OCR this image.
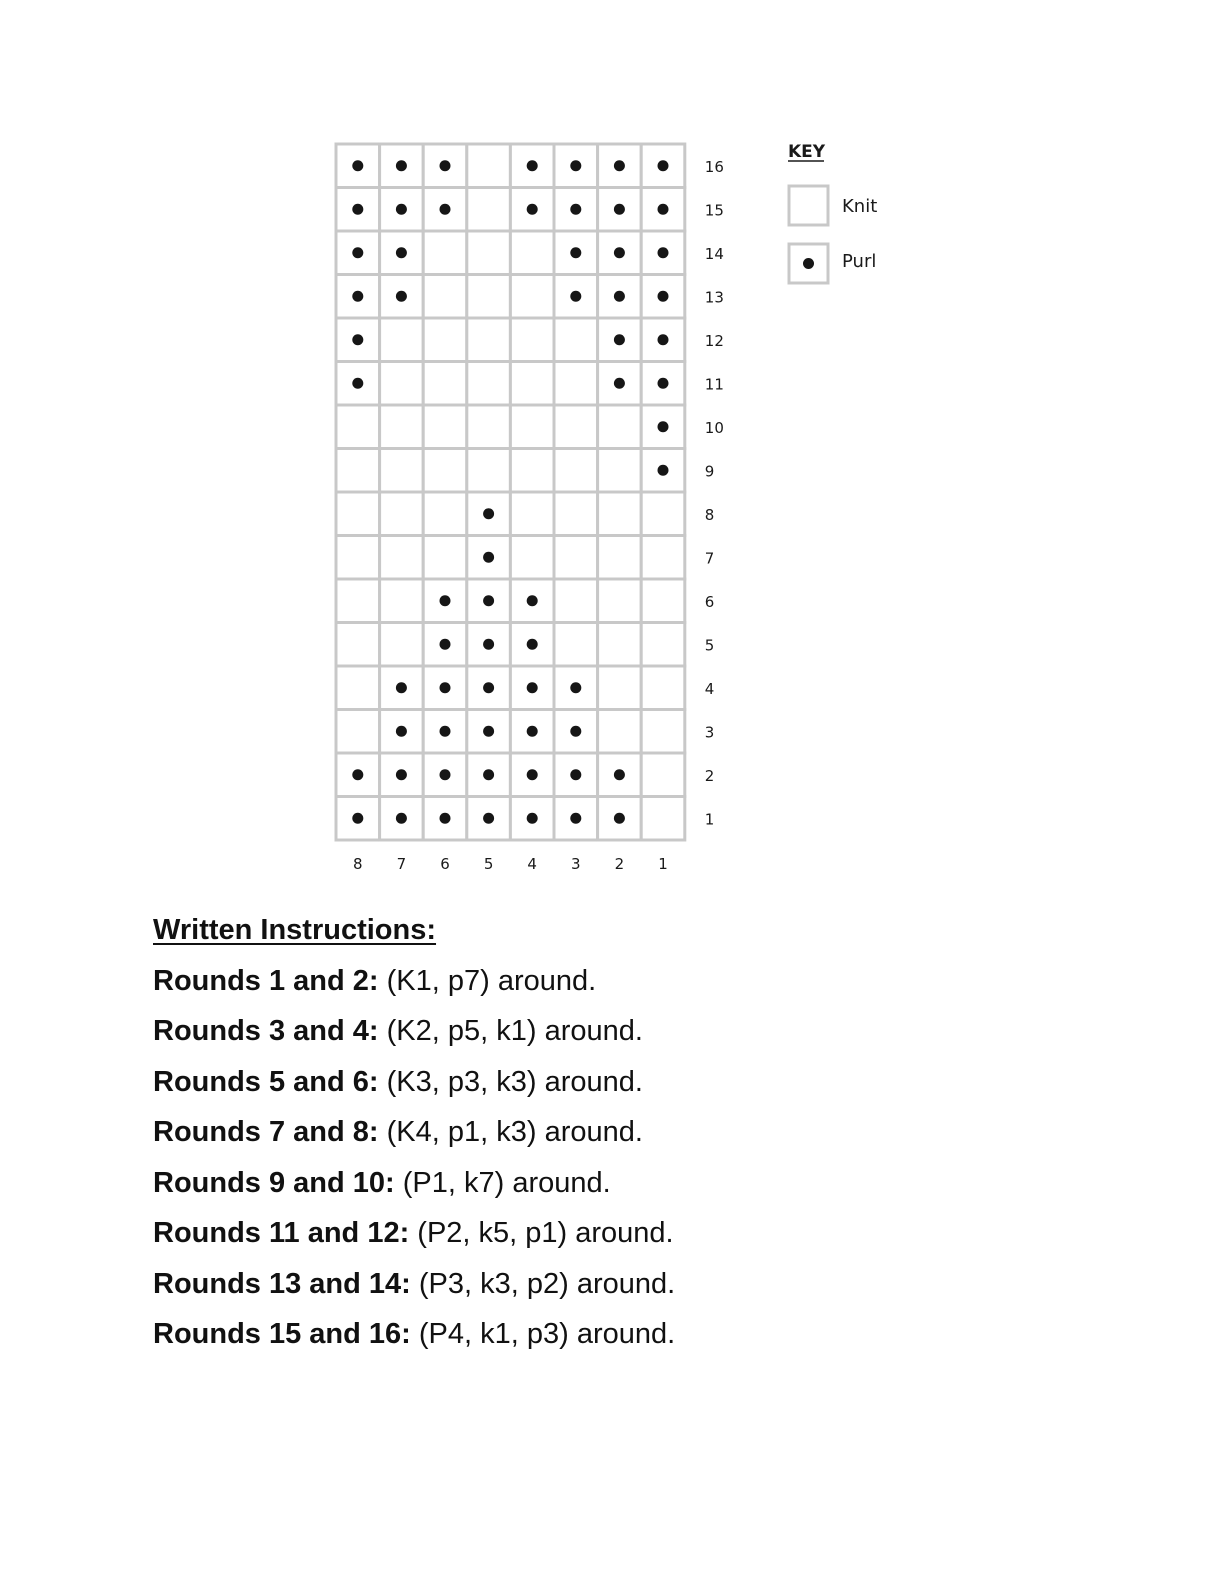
16
15
14
13
12
11
10
9
8
7
6
5
4
3
2
1
8 7 6 5 4 3 2 1
KEY
Knit
Purl
Written Instructions:
Rounds 1 and 2: (K1, p7) around.
Rounds 3 and 4: (K2, p5, k1) around.
Rounds 5 and 6: (K3, p3, k3) around.
Rounds 7 and 8: (K4, p1, k3) around.
Rounds 9 and 10: (P1, k7) around.
Rounds 11 and 12: (P2, k5, p1) around.
Rounds 13 and 14: (P3, k3, p2) around.
Rounds 15 and 16: (P4, k1, p3) around.
